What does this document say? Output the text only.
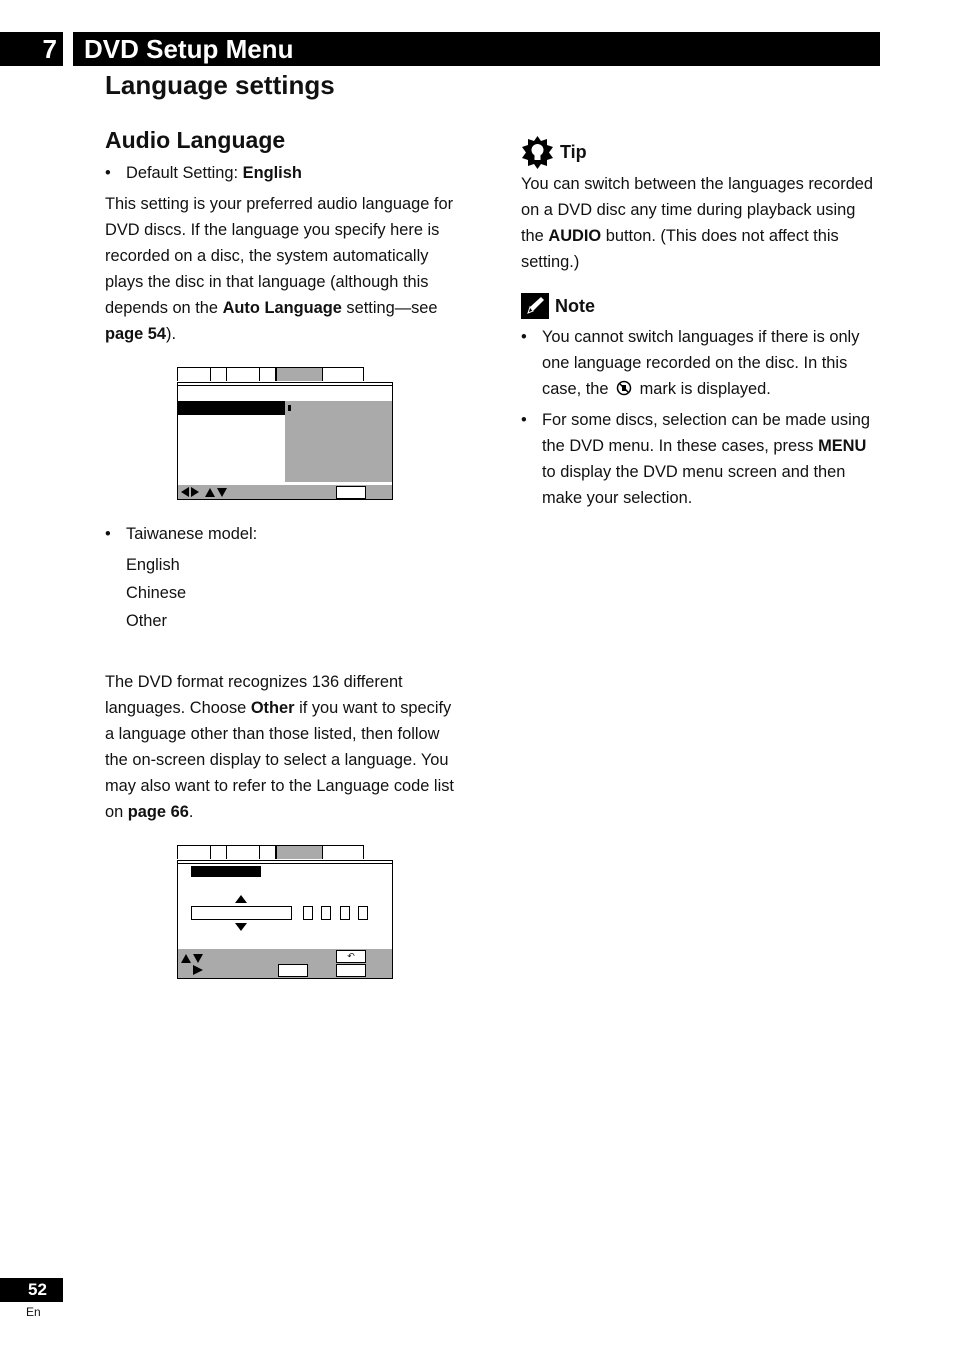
7	DVD Setup Menu
Language settings
Audio Language
• Default Setting: English
This setting is your preferred audio language for
DVD discs. If the language you specify here is
recorded on a disc, the system automatically
plays the disc in that language (although this
depends on the Auto Language setting—see
page 54).
• Taiwanese model:
English
Chinese
Other
The DVD format recognizes 136 different
languages. Choose Other if you want to specify
a language other than those listed, then follow
the on-screen display to select a language. You
may also want to refer to the Language code list
on page 66.
↶
Tip
You can switch between the languages recorded
on a DVD disc any time during playback using
the AUDIO button. (This does not affect this
setting.)
Note
• You cannot switch languages if there is only
one language recorded on the disc. In this
case, the mark is displayed.
• For some discs, selection can be made using
the DVD menu. In these cases, press MENU
to display the DVD menu screen and then
make your selection.
52
En
